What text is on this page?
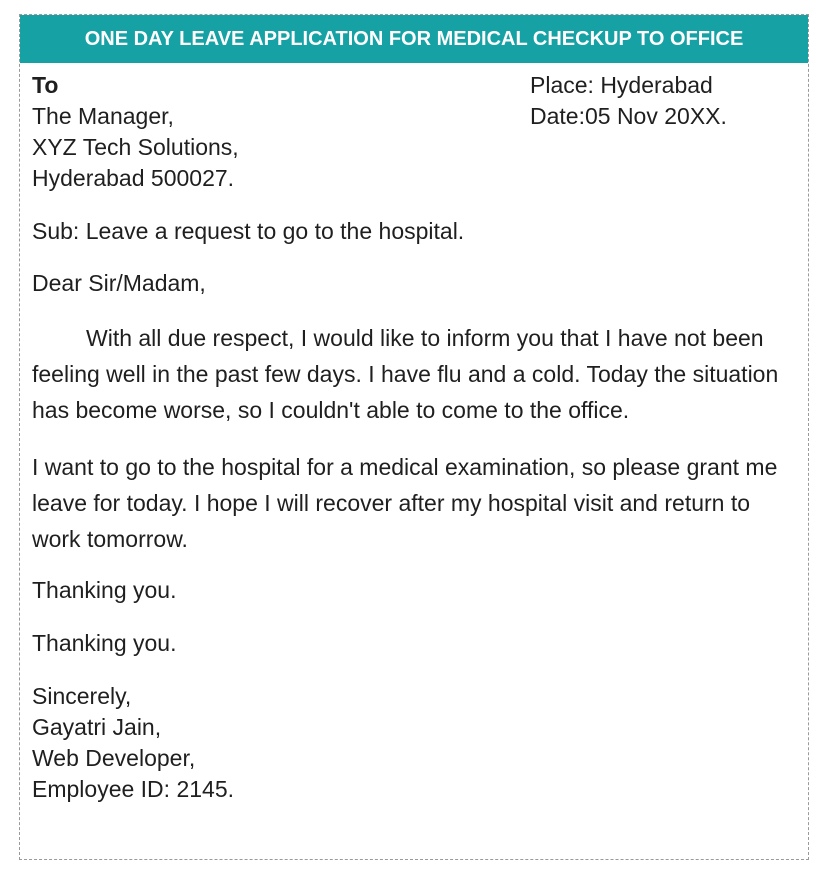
ONE DAY LEAVE APPLICATION FOR MEDICAL CHECKUP TO OFFICE
To
The Manager,
XYZ Tech Solutions,
Hyderabad 500027.
Place: Hyderabad
Date:05 Nov 20XX.

Sub: Leave a request to go to the hospital.

Dear Sir/Madam,

With all due respect, I would like to inform you that I have not been feeling well in the past few days. I have flu and a cold. Today the situation has become worse, so I couldn't able to come to the office.

I want to go to the hospital for a medical examination, so please grant me leave for today. I hope I will recover after my hospital visit and return to work tomorrow.

Thanking you.

Thanking you.

Sincerely,
Gayatri Jain,
Web Developer,
Employee ID: 2145.
